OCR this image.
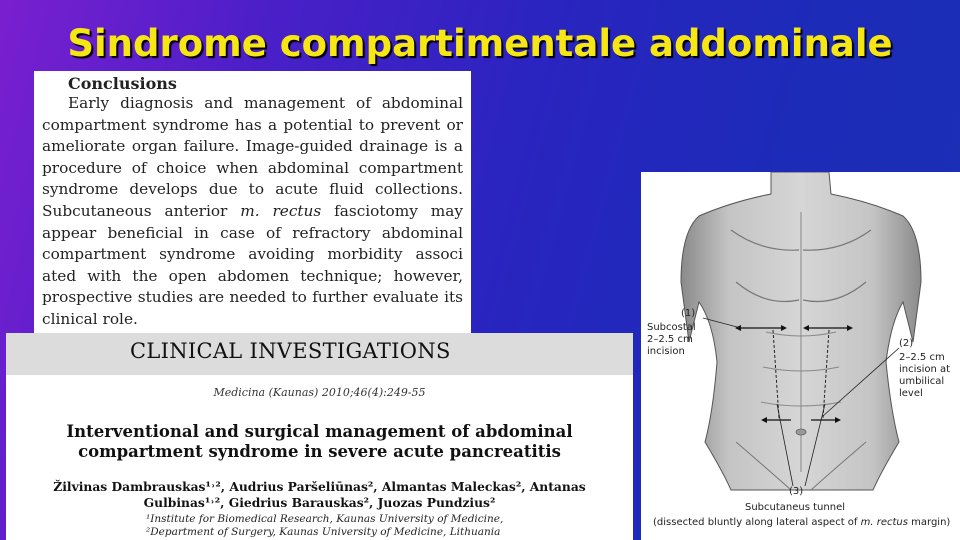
Sindrome compartimentale addominale
Conclusions

Early diagnosis and management of abdominal compartment syndrome has a potential to prevent or ameliorate organ failure. Image-guided drainage is a procedure of choice when abdominal compartment syndrome develops due to acute fluid collections. Subcutaneous anterior m. rectus fasciotomy may appear beneficial in case of refractory abdominal compartment syndrome avoiding morbidity associ ated with the open abdomen technique; however, prospective studies are needed to further evaluate its clinical role.

CLINICAL INVESTIGATIONS
Medicina (Kaunas) 2010;46(4):249-55
Interventional and surgical management of abdominal compartment syndrome in severe acute pancreatitis
Žilvinas Dambrauskas¹˒², Audrius Paršeliūnas², Almantas Maleckas², Antanas Gulbinas¹˒², Giedrius Barauskas², Juozas Pundzius²
¹Institute for Biomedical Research, Kaunas University of Medicine,
²Department of Surgery, Kaunas University of Medicine, Lithuania
(1)
Subcostal
2–2.5 cm
incision
(2)
2–2.5 cm
incision at
umbilical
level
(3)
Subcutaneus tunnel
(dissected bluntly along lateral aspect of m. rectus margin)
